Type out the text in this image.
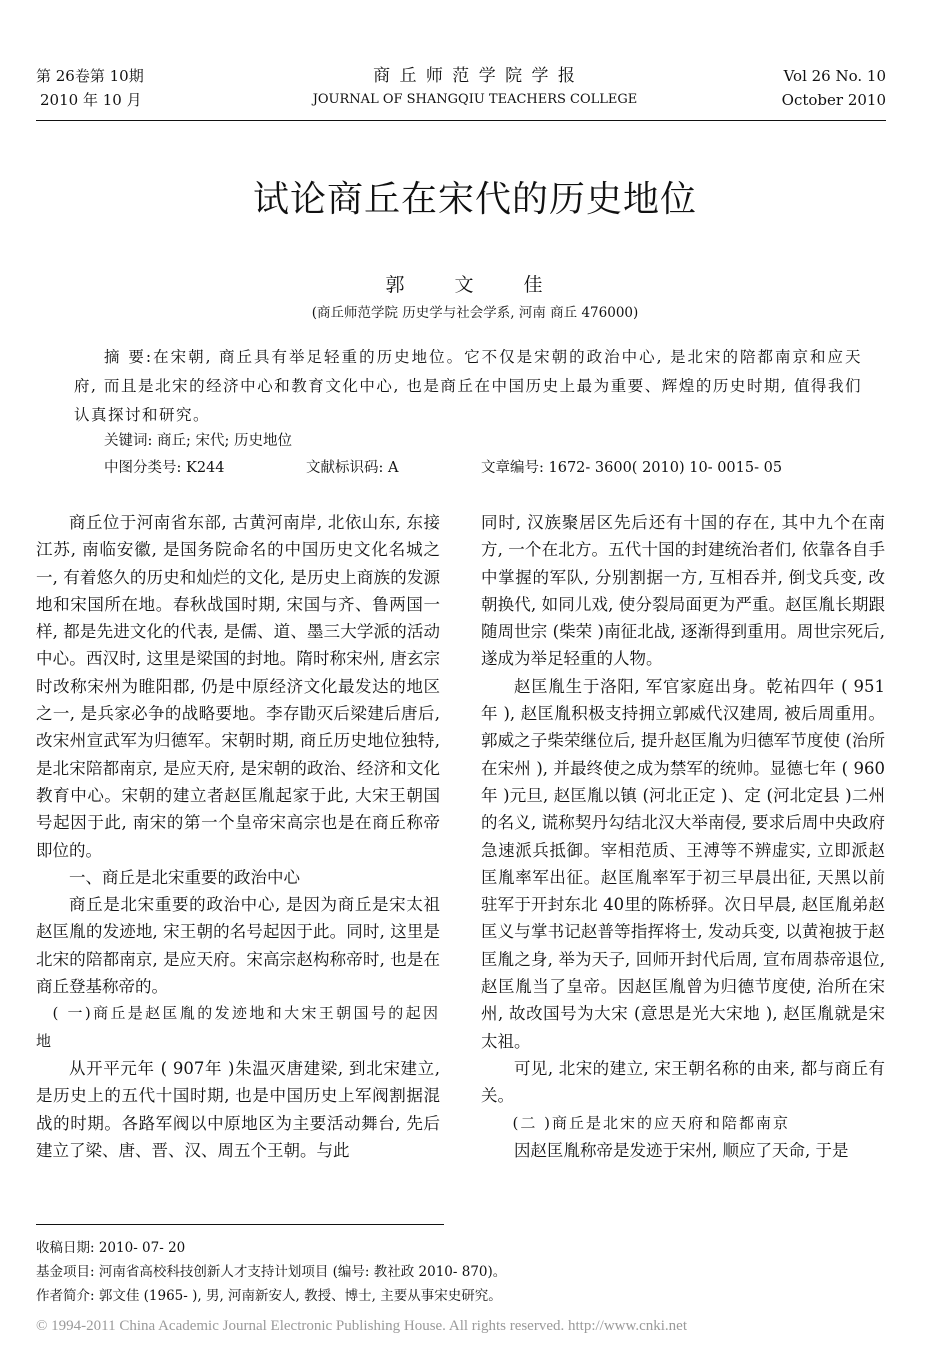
第 26卷第 10期
2010 年 10 月
商 丘 师 范 学 院 学 报
JOURNAL OF SHANGQIU TEACHERS COLLEGE
Vol 26 No. 10
October 2010
试论商丘在宋代的历史地位
郭 文 佳
(商丘师范学院 历史学与社会学系, 河南 商丘 476000)
摘 要:在宋朝, 商丘具有举足轻重的历史地位。它不仅是宋朝的政治中心, 是北宋的陪都南京和应天府, 而且是北宋的经济中心和教育文化中心, 也是商丘在中国历史上最为重要、辉煌的历史时期, 值得我们认真探讨和研究。
关键词: 商丘; 宋代; 历史地位
中图分类号: K244	文献标识码: A	文章编号: 1672- 3600( 2010) 10- 0015- 05

商丘位于河南省东部, 古黄河南岸, 北依山东, 东接江苏, 南临安徽, 是国务院命名的中国历史文化名城之一, 有着悠久的历史和灿烂的文化, 是历史上商族的发源地和宋国所在地。春秋战国时期, 宋国与齐、鲁两国一样, 都是先进文化的代表, 是儒、道、墨三大学派的活动中心。西汉时, 这里是梁国的封地。隋时称宋州, 唐玄宗时改称宋州为睢阳郡, 仍是中原经济文化最发达的地区之一, 是兵家必争的战略要地。李存勖灭后梁建后唐后, 改宋州宣武军为归德军。宋朝时期, 商丘历史地位独特, 是北宋陪都南京, 是应天府, 是宋朝的政治、经济和文化教育中心。宋朝的建立者赵匡胤起家于此, 大宋王朝国号起因于此, 南宋的第一个皇帝宋高宗也是在商丘称帝即位的。

一、商丘是北宋重要的政治中心

商丘是北宋重要的政治中心, 是因为商丘是宋太祖赵匡胤的发迹地, 宋王朝的名号起因于此。同时, 这里是北宋的陪都南京, 是应天府。宋高宗赵构称帝时, 也是在商丘登基称帝的。

( 一)商丘是赵匡胤的发迹地和大宋王朝国号的起因地

从开平元年 ( 907年 )朱温灭唐建梁, 到北宋建立, 是历史上的五代十国时期, 也是中国历史上军阀割据混战的时期。各路军阀以中原地区为主要活动舞台, 先后建立了梁、唐、晋、汉、周五个王朝。与此

同时, 汉族聚居区先后还有十国的存在, 其中九个在南方, 一个在北方。五代十国的封建统治者们, 依靠各自手中掌握的军队, 分别割据一方, 互相吞并, 倒戈兵变, 改朝换代, 如同儿戏, 使分裂局面更为严重。赵匡胤长期跟随周世宗 (柴荣 )南征北战, 逐渐得到重用。周世宗死后, 遂成为举足轻重的人物。

赵匡胤生于洛阳, 军官家庭出身。乾祐四年 ( 951年 ), 赵匡胤积极支持拥立郭威代汉建周, 被后周重用。郭威之子柴荣继位后, 提升赵匡胤为归德军节度使 (治所在宋州 ), 并最终使之成为禁军的统帅。显德七年 ( 960年 )元旦, 赵匡胤以镇 (河北正定 )、定 (河北定县 )二州的名义, 谎称契丹勾结北汉大举南侵, 要求后周中央政府急速派兵抵御。宰相范质、王溥等不辨虚实, 立即派赵匡胤率军出征。赵匡胤率军于初三早晨出征, 天黑以前驻军于开封东北 40里的陈桥驿。次日早晨, 赵匡胤弟赵匡义与掌书记赵普等指挥将士, 发动兵变, 以黄袍披于赵匡胤之身, 举为天子, 回师开封代后周, 宣布周恭帝退位, 赵匡胤当了皇帝。因赵匡胤曾为归德节度使, 治所在宋州, 故改国号为大宋 (意思是光大宋地 ), 赵匡胤就是宋太祖。

可见, 北宋的建立, 宋王朝名称的由来, 都与商丘有关。

(二 )商丘是北宋的应天府和陪都南京

因赵匡胤称帝是发迹于宋州, 顺应了天命, 于是

收稿日期: 2010- 07- 20
基金项目: 河南省高校科技创新人才支持计划项目 (编号: 教社政 2010- 870)。
作者简介: 郭文佳 (1965- ), 男, 河南新安人, 教授、博士, 主要从事宋史研究。
© 1994-2011 China Academic Journal Electronic Publishing House. All rights reserved. http://www.cnki.net
